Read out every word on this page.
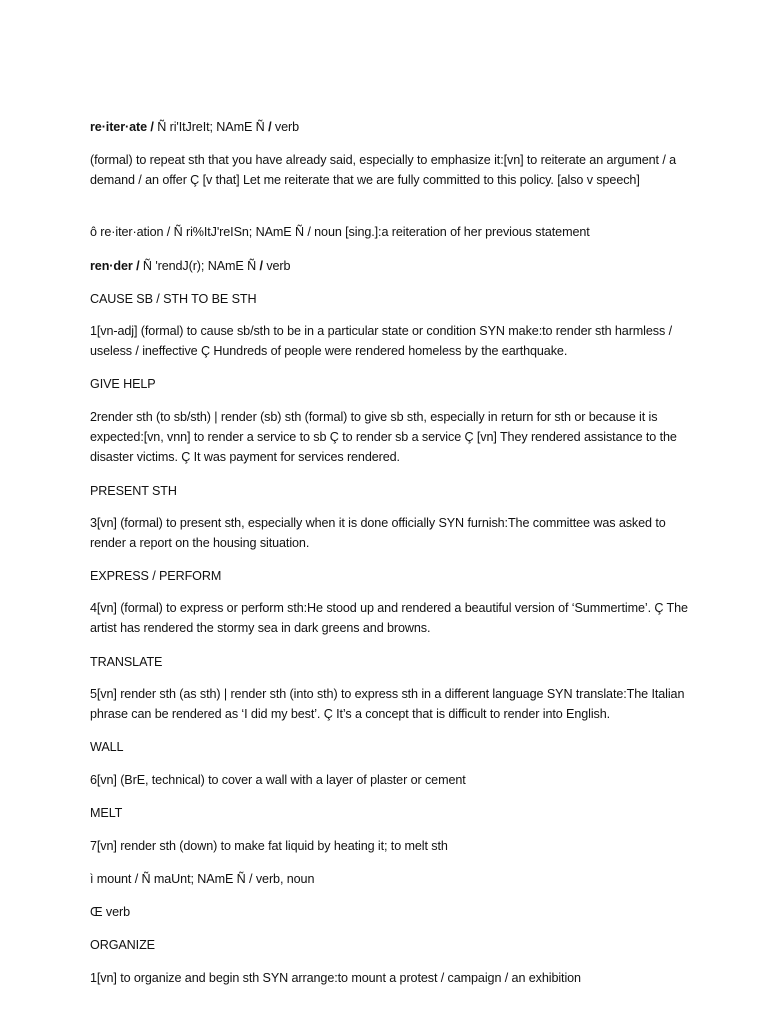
re·iter·ate / Ñ ri'ItJreIt; NAmE Ñ / verb

(formal) to repeat sth that you have already said, especially to emphasize it:[vn] to reiterate an argument / a demand / an offer Ç [v that] Let me reiterate that we are fully committed to this policy. [also v speech]

ô re·iter·ation / Ñ ri%ItJ'reISn; NAmE Ñ / noun [sing.]:a reiteration of her previous statement

ren·der / Ñ 'rendJ(r); NAmE Ñ / verb

CAUSE SB / STH TO BE STH

1[vn-adj] (formal) to cause sb/sth to be in a particular state or condition SYN make:to render sth harmless / useless / ineffective Ç Hundreds of people were rendered homeless by the earthquake.

GIVE HELP

2render sth (to sb/sth) | render (sb) sth (formal) to give sb sth, especially in return for sth or because it is expected:[vn, vnn] to render a service to sb Ç to render sb a service Ç [vn] They rendered assistance to the disaster victims. Ç It was payment for services rendered.

PRESENT STH

3[vn] (formal) to present sth, especially when it is done officially SYN furnish:The committee was asked to render a report on the housing situation.

EXPRESS / PERFORM

4[vn] (formal) to express or perform sth:He stood up and rendered a beautiful version of ‘Summertime’. Ç The artist has rendered the stormy sea in dark greens and browns.

TRANSLATE

5[vn] render sth (as sth) | render sth (into sth) to express sth in a different language SYN translate:The Italian phrase can be rendered as ‘I did my best’. Ç It’s a concept that is difficult to render into English.

WALL

6[vn] (BrE, technical) to cover a wall with a layer of plaster or cement

MELT

7[vn] render sth (down) to make fat liquid by heating it; to melt sth

ì mount / Ñ maUnt; NAmE Ñ / verb, noun

Œ verb

ORGANIZE

1[vn] to organize and begin sth SYN arrange:to mount a protest / campaign / an exhibition
